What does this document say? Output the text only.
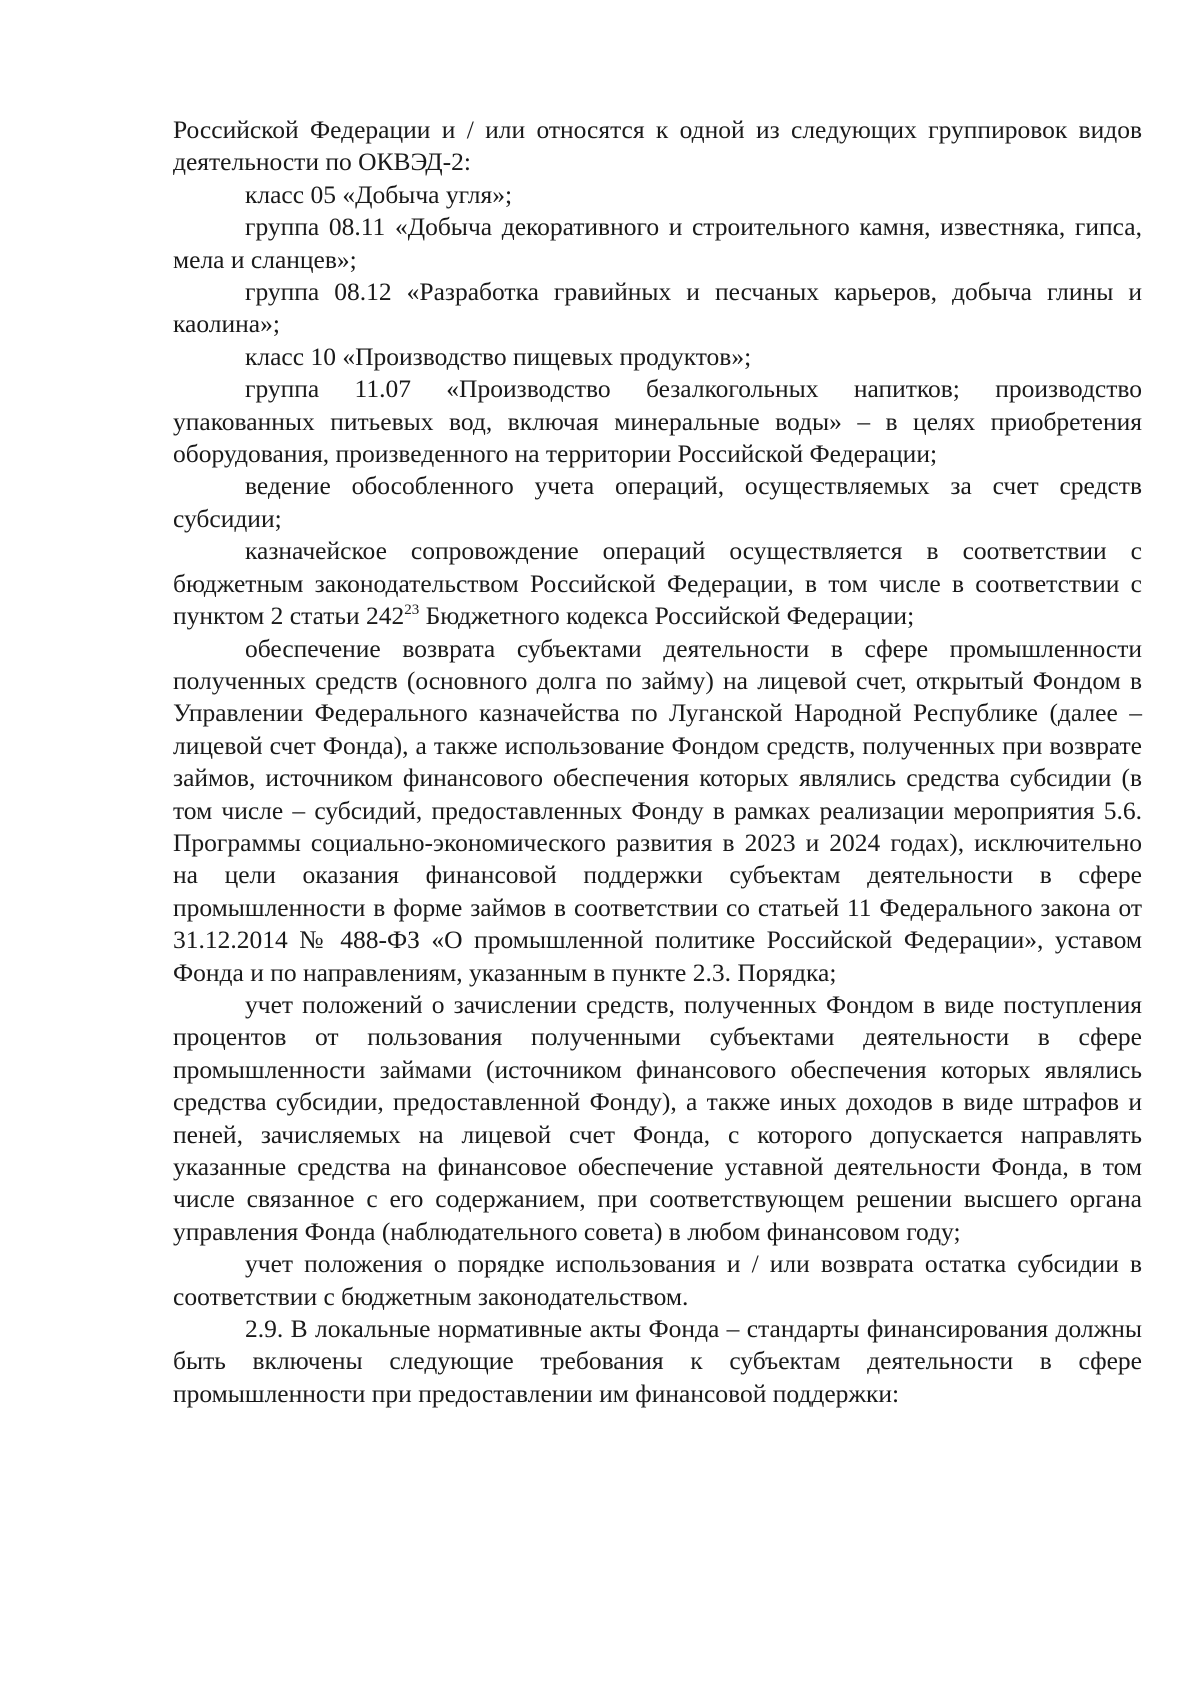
Российской Федерации и / или относятся к одной из следующих группировок видов деятельности по ОКВЭД-2:

класс 05 «Добыча угля»;

группа 08.11 «Добыча декоративного и строительного камня, известняка, гипса, мела и сланцев»;

группа 08.12 «Разработка гравийных и песчаных карьеров, добыча глины и каолина»;

класс 10 «Производство пищевых продуктов»;

группа 11.07 «Производство безалкогольных напитков; производство упакованных питьевых вод, включая минеральные воды» – в целях приобретения оборудования, произведенного на территории Российской Федерации;

ведение обособленного учета операций, осуществляемых за счет средств субсидии;

казначейское сопровождение операций осуществляется в соответствии с бюджетным законодательством Российской Федерации, в том числе в соответствии с пунктом 2 статьи $242^{23}$ Бюджетного кодекса Российской Федерации;

обеспечение возврата субъектами деятельности в сфере промышленности полученных средств (основного долга по займу) на лицевой счет, открытый Фондом в Управлении Федерального казначейства по Луганской Народной Республике (далее – лицевой счет Фонда), а также использование Фондом средств, полученных при возврате займов, источником финансового обеспечения которых являлись средства субсидии (в том числе – субсидий, предоставленных Фонду в рамках реализации мероприятия 5.6. Программы социально-экономического развития в 2023 и 2024 годах), исключительно на цели оказания финансовой поддержки субъектам деятельности в сфере промышленности в форме займов в соответствии со статьей 11 Федерального закона от 31.12.2014 № 488-ФЗ «О промышленной политике Российской Федерации», уставом Фонда и по направлениям, указанным в пункте 2.3. Порядка;

учет положений о зачислении средств, полученных Фондом в виде поступления процентов от пользования полученными субъектами деятельности в сфере промышленности займами (источником финансового обеспечения которых являлись средства субсидии, предоставленной Фонду), а также иных доходов в виде штрафов и пеней, зачисляемых на лицевой счет Фонда, с которого допускается направлять указанные средства на финансовое обеспечение уставной деятельности Фонда, в том числе связанное с его содержанием, при соответствующем решении высшего органа управления Фонда (наблюдательного совета) в любом финансовом году;

учет положения о порядке использования и / или возврата остатка субсидии в соответствии с бюджетным законодательством.

2.9. В локальные нормативные акты Фонда – стандарты финансирования должны быть включены следующие требования к субъектам деятельности в сфере промышленности при предоставлении им финансовой поддержки:
